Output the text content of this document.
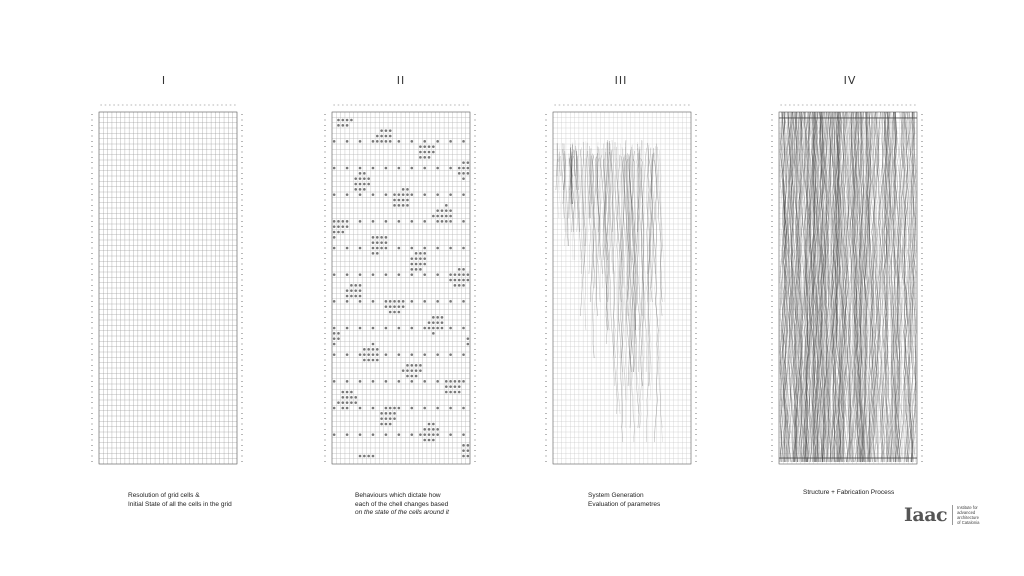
I	II	III	IV
Resolution of grid cells &
Initial State of all the cells in the grid
Behaviours which dictate how
each of the chell changes based
on the state of the cells around it
System Generation
Evaluation of parametres
Structure + Fabrication Process
Iaac Institute for
advanced
architecture
of Catalonia
